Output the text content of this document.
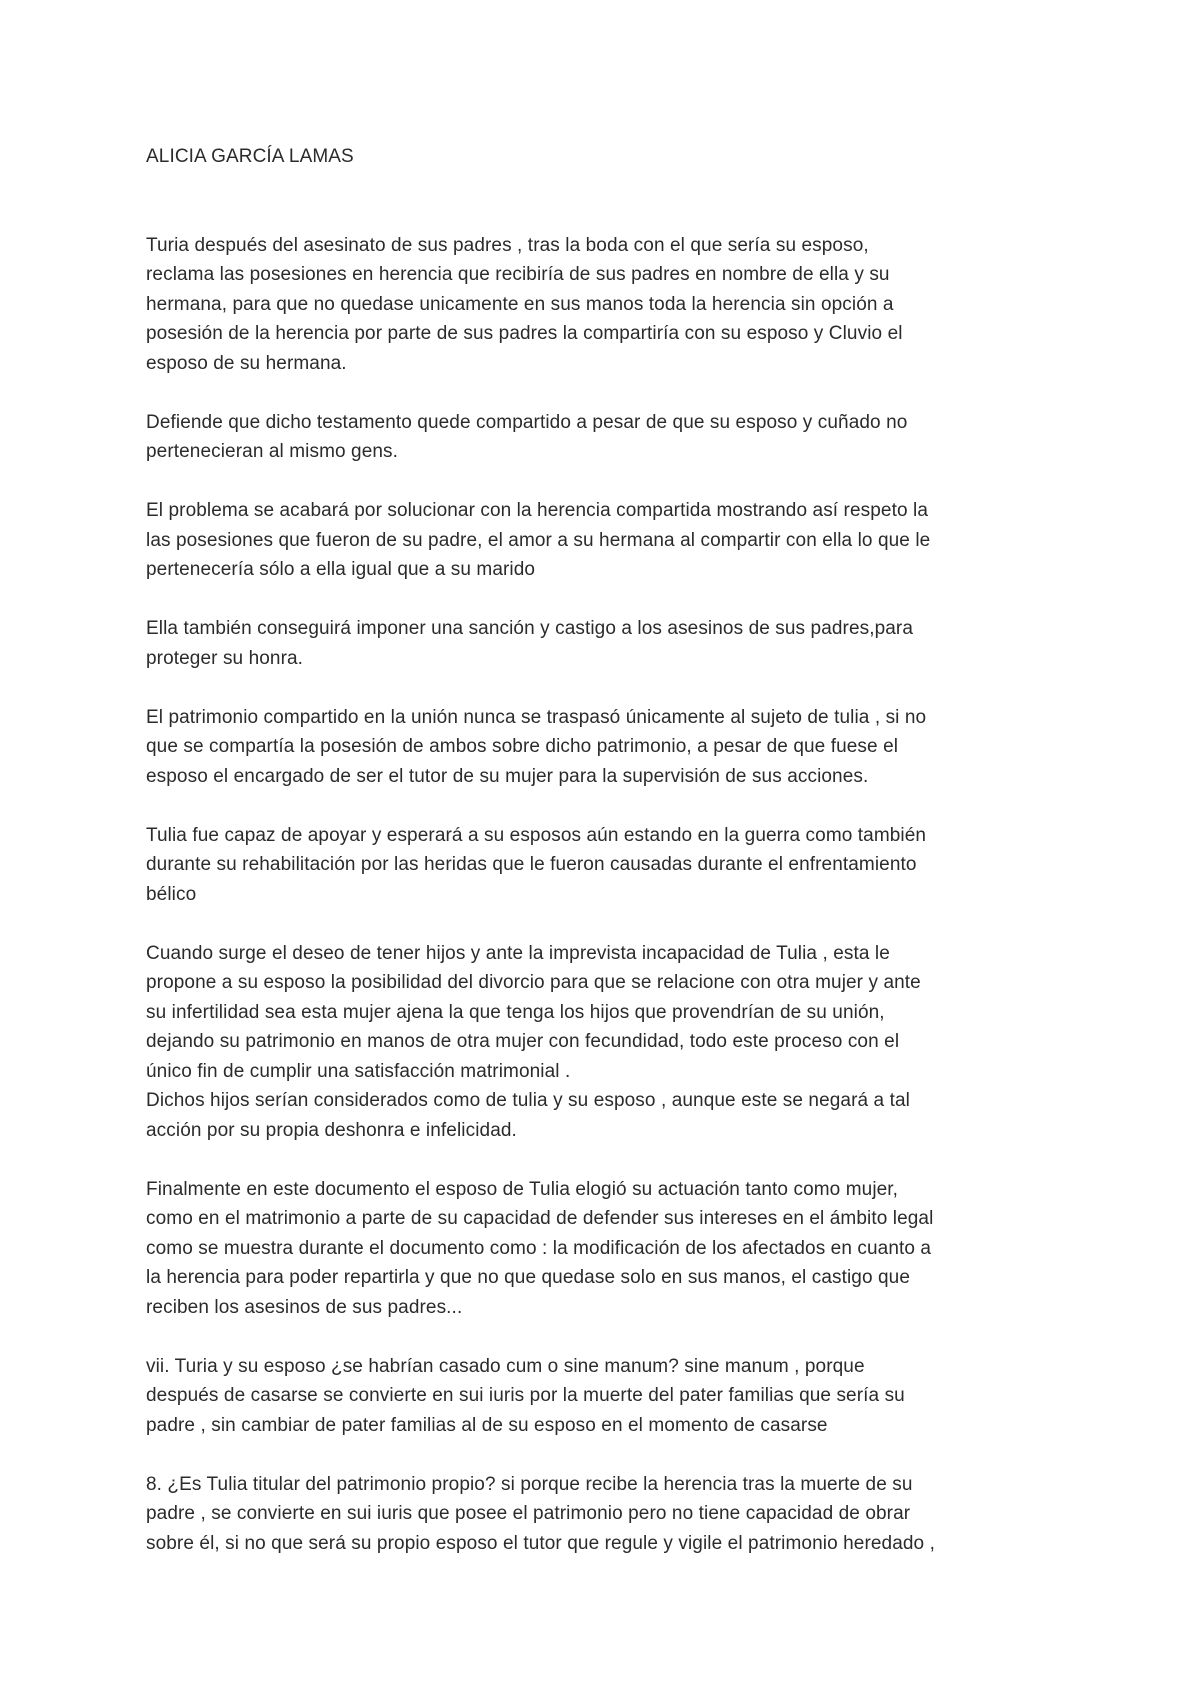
ALICIA GARCÍA LAMAS

Turia después del asesinato de sus padres , tras la boda con el que sería su esposo,
reclama las posesiones en herencia que recibiría de sus padres en nombre de ella y su
hermana, para que no quedase unicamente en sus manos toda la herencia sin opción a
posesión de la herencia por parte de sus padres la compartiría con su esposo y Cluvio el
esposo de su hermana.

Defiende que dicho testamento quede compartido a pesar de que su esposo y cuñado no
pertenecieran al mismo gens.

El problema se acabará por solucionar con la herencia compartida mostrando así respeto la
las posesiones que fueron de su padre, el amor a su hermana al compartir con ella lo que le
pertenecería sólo a ella igual que a su marido

Ella también conseguirá imponer una sanción y castigo a los asesinos de sus padres,para
proteger su honra.

El patrimonio compartido en la unión nunca se traspasó únicamente al sujeto de tulia , si no
que se compartía la posesión de ambos sobre dicho patrimonio, a pesar de que fuese el
esposo el encargado de ser el tutor de su mujer para la supervisión de sus acciones.

Tulia fue capaz de apoyar y esperará a su esposos aún estando en la guerra como también
durante su rehabilitación por las heridas que le fueron causadas durante el enfrentamiento
bélico

Cuando surge el deseo de tener hijos y ante la imprevista incapacidad de Tulia , esta le
propone a su esposo la posibilidad del divorcio para que se relacione con otra mujer y ante
su infertilidad sea esta mujer ajena la que tenga los hijos que provendrían de su unión,
dejando su patrimonio en manos de otra mujer con fecundidad, todo este proceso con el
único fin de cumplir una satisfacción matrimonial .

Dichos hijos serían considerados como de tulia y su esposo , aunque este se negará a tal
acción por su propia deshonra e infelicidad.

Finalmente en este documento el esposo de Tulia elogió su actuación tanto como mujer,
como en el matrimonio a parte de su capacidad de defender sus intereses en el ámbito legal
como se muestra durante el documento como : la modificación de los afectados en cuanto a
la herencia para poder repartirla y que no que quedase solo en sus manos, el castigo que
reciben los asesinos de sus padres...

vii. Turia y su esposo ¿se habrían casado cum o sine manum? sine manum , porque
después de casarse se convierte en sui iuris por la muerte del pater familias que sería su
padre , sin cambiar de pater familias al de su esposo en el momento de casarse

8. ¿Es Tulia titular del patrimonio propio? si porque recibe la herencia tras la muerte de su
padre , se convierte en sui iuris que posee el patrimonio pero no tiene capacidad de obrar
sobre él, si no que será su propio esposo el tutor que regule y vigile el patrimonio heredado ,
